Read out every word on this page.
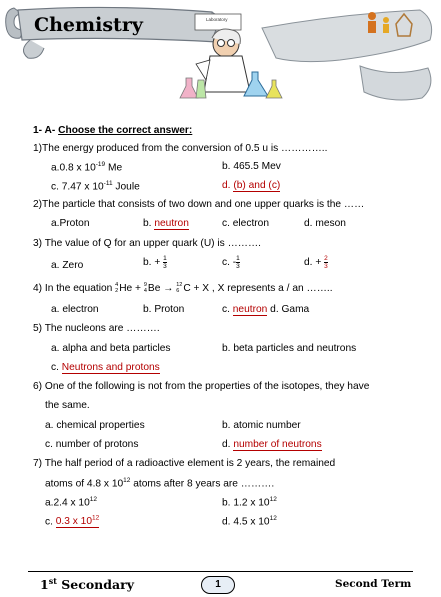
Chemistry	Laboratory
1- A- Choose the correct answer:
1)The energy produced from the conversion of 0.5 u is …………..
a.0.8 x $10^{-19}$ Me	b. 465.5 Mev
c. 7.47 x $10^{-11}$ Joule	d. (b) and (c)
2)The particle that consists of two down and one upper quarks is the ……
a.Proton	b. neutron	c. electron	d. meson
3) The value of Q for an upper quark (U) is ……….
a. Zero	b. + $\frac{1}{3}$	c. - $\frac{1}{3}$	d. + $\frac{2}{3}$
4) In the equation 4
2 He + 9
4 Be → 12
6 C + X , X represents a / an ……..
a. electron	b. Proton	c. neutron d. Gama
5) The nucleons are ……….
a. alpha and beta particles	b. beta particles and neutrons
c. Neutrons and protons
6) One of the following is not from the properties of the isotopes, they have
the same.
a. chemical properties	b. atomic number
c. number of protons	d. number of neutrons
7) The half period of a radioactive element is 2 years, the remained
atoms of 4.8 x $10^{12}$ atoms after 8 years are ……….
a.2.4 x $10^{12}$	b. 1.2 x $10^{12}$
c. 0.3 x $10^{12}$	d. 4.5 x $10^{12}$
1st Secondary	1	Second Term
